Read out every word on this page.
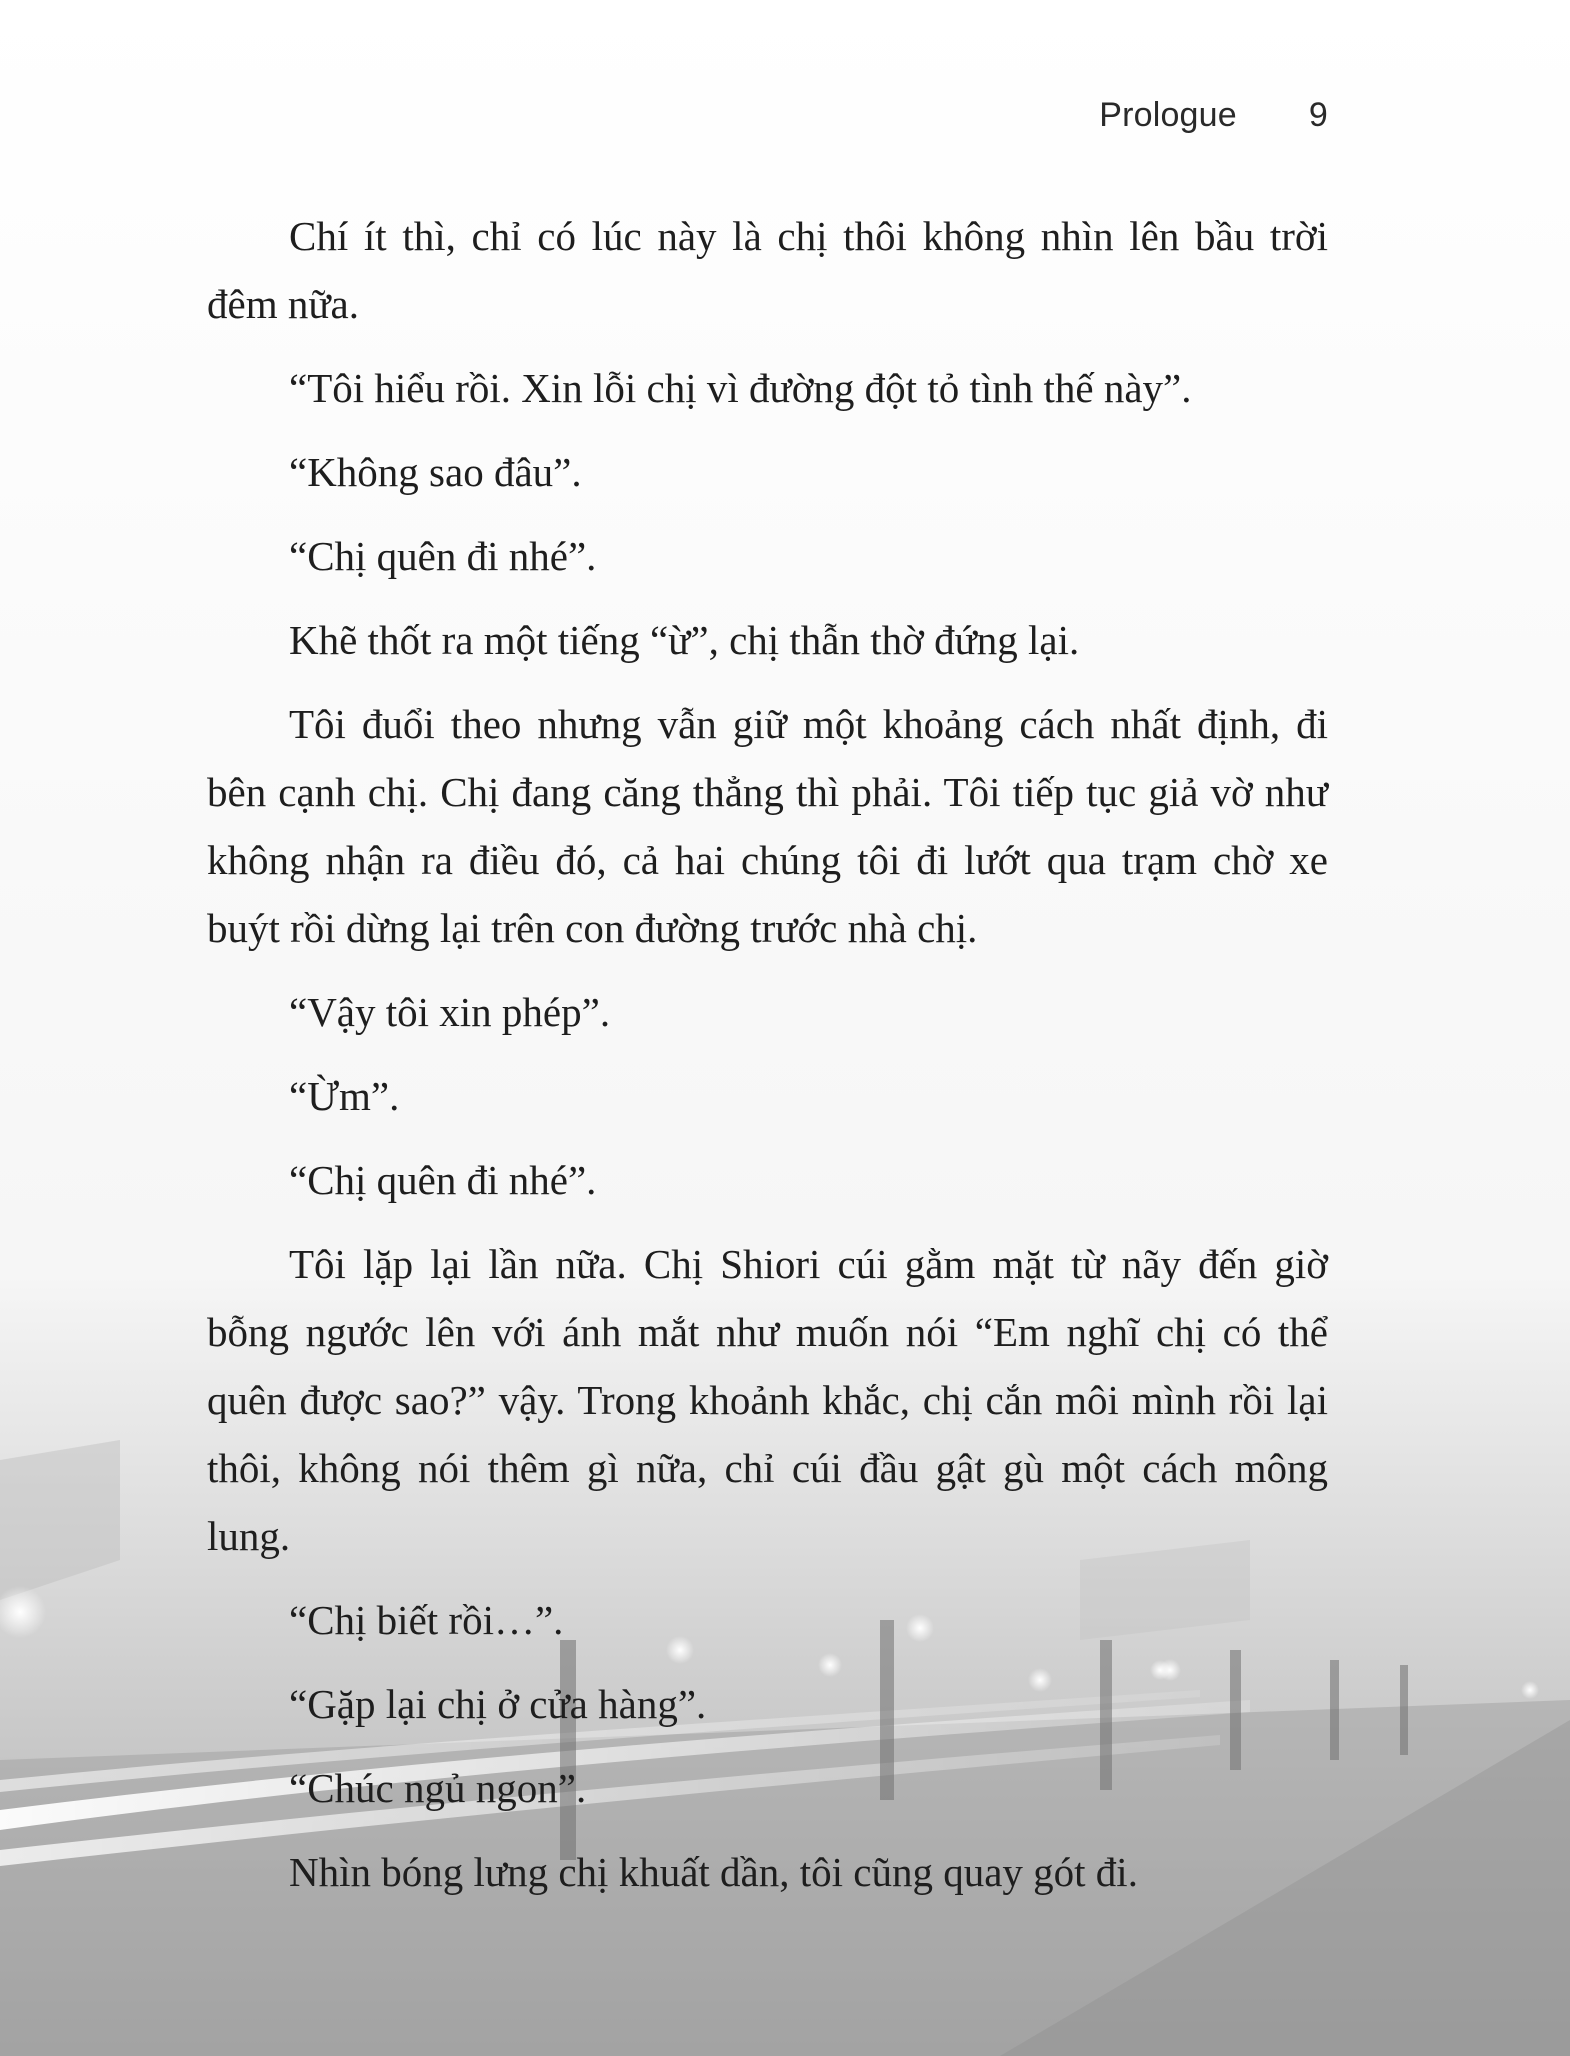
Prologue 9

Chí ít thì, chỉ có lúc này là chị thôi không nhìn lên bầu trời đêm nữa.

“Tôi hiểu rồi. Xin lỗi chị vì đường đột tỏ tình thế này”.

“Không sao đâu”.

“Chị quên đi nhé”.

Khẽ thốt ra một tiếng “ừ”, chị thẫn thờ đứng lại.

Tôi đuổi theo nhưng vẫn giữ một khoảng cách nhất định, đi bên cạnh chị. Chị đang căng thẳng thì phải. Tôi tiếp tục giả vờ như không nhận ra điều đó, cả hai chúng tôi đi lướt qua trạm chờ xe buýt rồi dừng lại trên con đường trước nhà chị.

“Vậy tôi xin phép”.

“Ừm”.

“Chị quên đi nhé”.

Tôi lặp lại lần nữa. Chị Shiori cúi gằm mặt từ nãy đến giờ bỗng ngước lên với ánh mắt như muốn nói “Em nghĩ chị có thể quên được sao?” vậy. Trong khoảnh khắc, chị cắn môi mình rồi lại thôi, không nói thêm gì nữa, chỉ cúi đầu gật gù một cách mông lung.

“Chị biết rồi…”.

“Gặp lại chị ở cửa hàng”.

“Chúc ngủ ngon”.

Nhìn bóng lưng chị khuất dần, tôi cũng quay gót đi.
